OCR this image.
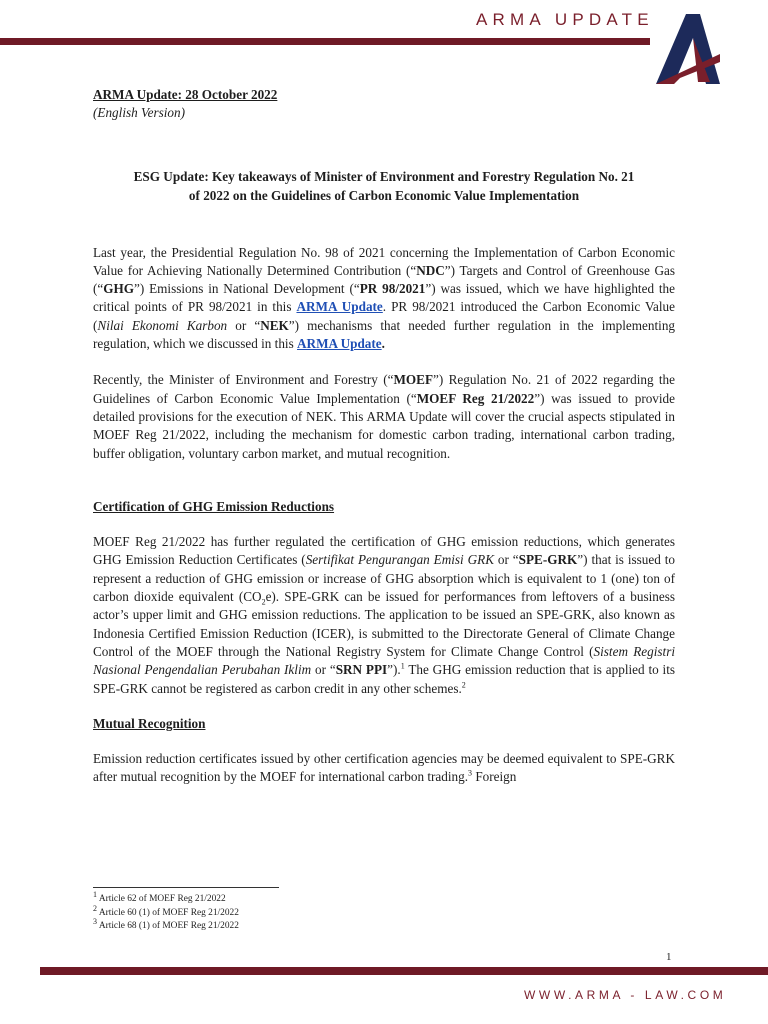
ARMA UPDATE

ARMA Update: 28 October 2022

(English Version)

ESG Update: Key takeaways of Minister of Environment and Forestry Regulation No. 21
of 2022 on the Guidelines of Carbon Economic Value Implementation

Last year, the Presidential Regulation No. 98 of 2021 concerning the Implementation of Carbon Economic Value for Achieving Nationally Determined Contribution (“NDC”) Targets and Control of Greenhouse Gas (“GHG”) Emissions in National Development (“PR 98/2021”) was issued, which we have highlighted the critical points of PR 98/2021 in this ARMA Update. PR 98/2021 introduced the Carbon Economic Value (Nilai Ekonomi Karbon or “NEK”) mechanisms that needed further regulation in the implementing regulation, which we discussed in this ARMA Update.

Recently, the Minister of Environment and Forestry (“MOEF”) Regulation No. 21 of 2022 regarding the Guidelines of Carbon Economic Value Implementation (“MOEF Reg 21/2022”) was issued to provide detailed provisions for the execution of NEK. This ARMA Update will cover the crucial aspects stipulated in MOEF Reg 21/2022, including the mechanism for domestic carbon trading, international carbon trading, buffer obligation, voluntary carbon market, and mutual recognition.

Certification of GHG Emission Reductions

MOEF Reg 21/2022 has further regulated the certification of GHG emission reductions, which generates GHG Emission Reduction Certificates (Sertifikat Pengurangan Emisi GRK or “SPE-GRK”) that is issued to represent a reduction of GHG emission or increase of GHG absorption which is equivalent to 1 (one) ton of carbon dioxide equivalent $(CO_2e)$. SPE-GRK can be issued for performances from leftovers of a business actor’s upper limit and GHG emission reductions. The application to be issued an SPE-GRK, also known as Indonesia Certified Emission Reduction (ICER), is submitted to the Directorate General of Climate Change Control of the MOEF through the National Registry System for Climate Change Control (Sistem Registri Nasional Pengendalian Perubahan Iklim or “SRN PPI”).$^1$ The GHG emission reduction that is applied to its SPE-GRK cannot be registered as carbon credit in any other schemes.$^2$

Mutual Recognition

Emission reduction certificates issued by other certification agencies may be deemed equivalent to SPE-GRK after mutual recognition by the MOEF for international carbon trading.$^3$ Foreign

$^1$ Article 62 of MOEF Reg 21/2022
$^2$ Article 60 (1) of MOEF Reg 21/2022
$^3$ Article 68 (1) of MOEF Reg 21/2022
1
WWW.ARMA - LAW.COM
